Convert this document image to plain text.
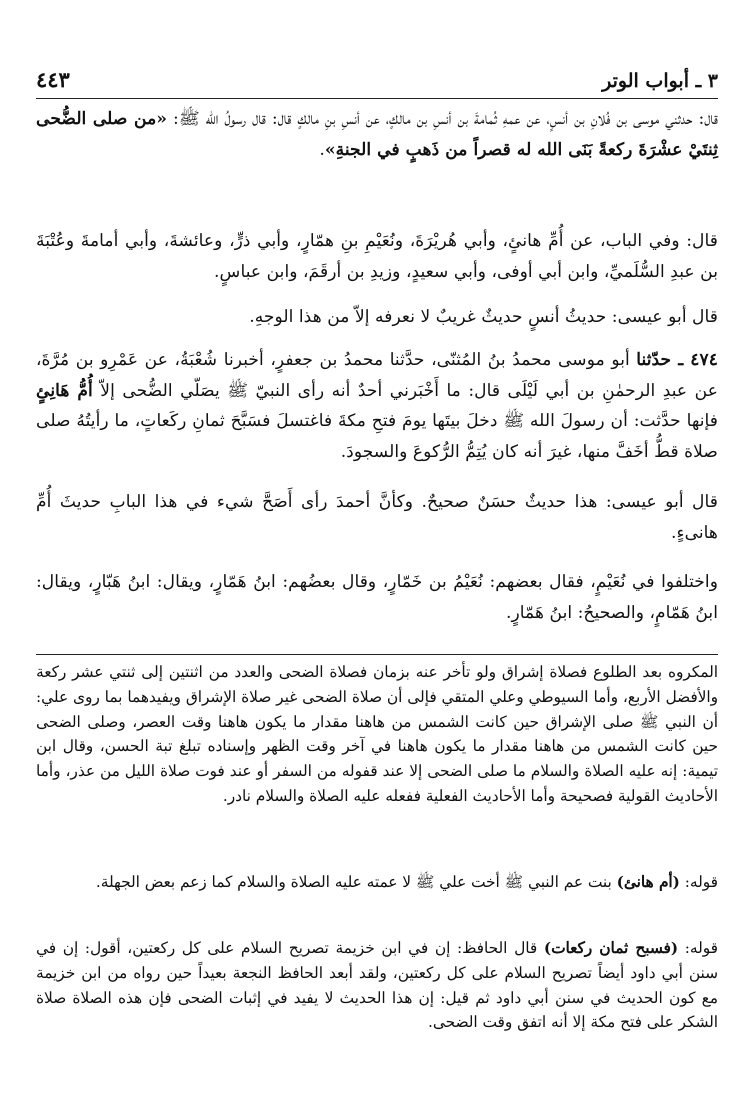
٣ ـ أبواب الوتر
٤٤٣

قال: حدثني موسى بن فُلانِ بن أنسٍ، عن عمهِ ثُمامةَ بن أنسِ بن مالكٍ، عن أنسِ بنِ مالكٍ قال: قال رسولُ الله ﷺ: «من صلى الضُّحى ثِنتَيْ عشْرَةَ ركعةً بَنَى الله له قصراً من ذَهبٍ في الجنةِ».

قال: وفي الباب، عن أُمِّ هانئٍ، وأبي هُريْرَةَ، ونُعَيْمِ بنِ همّارٍ، وأبي ذرٍّ، وعائشةَ، وأبي أمامةَ وعُتْبَةَ بن عبدِ السُّلَميِّ، وابن أبي أوفى، وأبي سعيدٍ، وزيدِ بن أرقَمَ، وابن عباسٍ.

قال أبو عيسى: حديثُ أنسٍ حديثٌ غريبٌ لا نعرفه إلاّ من هذا الوجهِ.

٤٧٤ ـ حدّثنا أبو موسى محمدُ بنُ المُثنّى، حدَّثنا محمدُ بن جعفرٍ، أخبرنا شُعْبَةُ، عن عَمْرِو بن مُرَّةَ، عن عبدِ الرحمٰنِ بن أبي لَيْلَى قال: ما أَخْبَرني أحدٌ أنه رأى النبيّ ﷺ يصَلّي الضُّحى إلاّ أُمُّ هَانِئٍ فإنها حدَّثت: أن رسولَ الله ﷺ دخلَ بيتَها يومَ فتحِ مكةَ فاغتسلَ فسَبَّحَ ثمانِ ركَعاتٍ، ما رأيتُهُ صلى صلاة قطُّ أخَفَّ منها، غيرَ أنه كان يُتِمُّ الرُّكوعَ والسجودَ.

قال أبو عيسى: هذا حديثٌ حسَنٌ صحيحٌ. وكأنَّ أحمدَ رأى أَصَحَّ شيء في هذا البابِ حديثَ أُمِّ هانىءٍ.

واختلفوا في نُعَيْمٍ، فقال بعضهم: نُعَيْمُ بن خَمّارٍ، وقال بعضُهم: ابنُ هَمّارٍ، ويقال: ابنُ هَبّارٍ، ويقال: ابنُ هَمّامٍ، والصحيحُ: ابنُ هَمّارٍ.

المكروه بعد الطلوع فصلاة إشراق ولو تأخر عنه بزمان فصلاة الضحى والعدد من اثنتين إلى ثنتي عشر ركعة والأفضل الأربع، وأما السيوطي وعلي المتقي فإلى أن صلاة الضحى غير صلاة الإشراق ويفيدهما بما روى علي: أن النبي ﷺ صلى الإشراق حين كانت الشمس من هاهنا مقدار ما يكون هاهنا وقت العصر، وصلى الضحى حين كانت الشمس من هاهنا مقدار ما يكون هاهنا في آخر وقت الظهر وإسناده تبلغ تبة الحسن، وقال ابن تيمية: إنه عليه الصلاة والسلام ما صلى الضحى إلا عند قفوله من السفر أو عند فوت صلاة الليل من عذر، وأما الأحاديث القولية فصحيحة وأما الأحاديث الفعلية ففعله عليه الصلاة والسلام نادر.

قوله: (أم هانئ) بنت عم النبي ﷺ أخت علي ﷺ لا عمته عليه الصلاة والسلام كما زعم بعض الجهلة.

قوله: (فسبح ثمان ركعات) قال الحافظ: إن في ابن خزيمة تصريح السلام على كل ركعتين، أقول: إن في سنن أبي داود أيضاً تصريح السلام على كل ركعتين، ولقد أبعد الحافظ النجعة بعيداً حين رواه من ابن خزيمة مع كون الحديث في سنن أبي داود ثم قيل: إن هذا الحديث لا يفيد في إثبات الضحى فإن هذه الصلاة صلاة الشكر على فتح مكة إلا أنه اتفق وقت الضحى.
